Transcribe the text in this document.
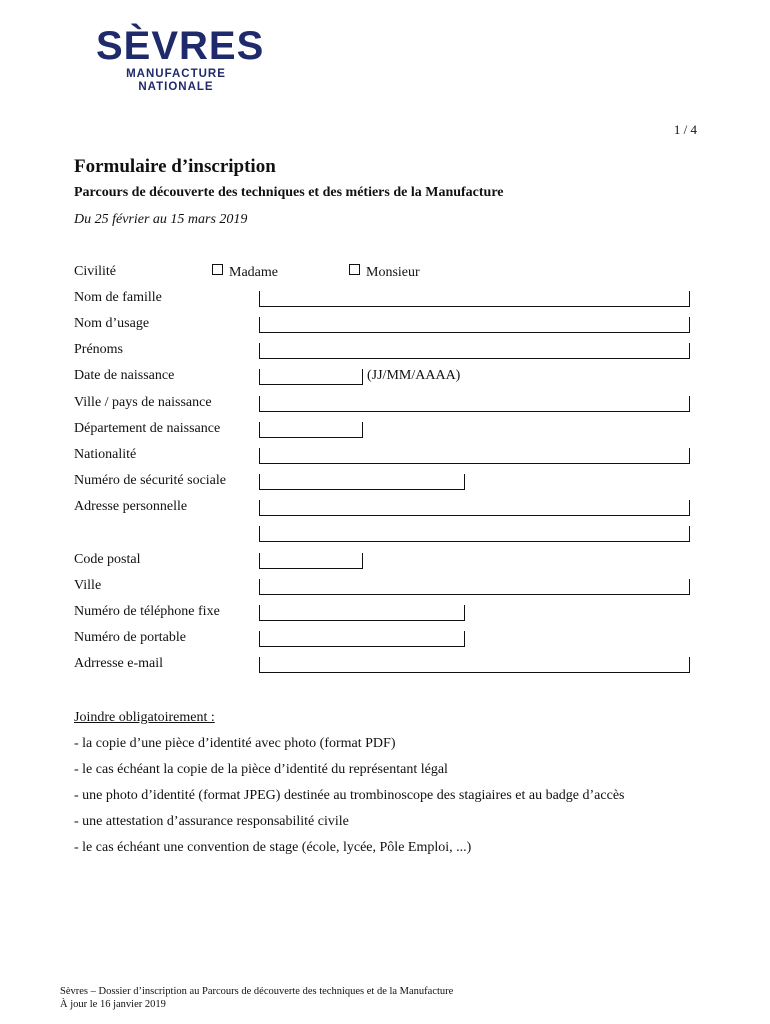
SÈVRES
MANUFACTURE
NATIONALE
1 / 4
Formulaire d’inscription
Parcours de découverte des techniques et des métiers de la Manufacture
Du 25 février au 15 mars 2019
Civilité	Madame	Monsieur
Nom de famille
Nom d’usage
Prénoms
Date de naissance	(JJ/MM/AAAA)
Ville / pays de naissance
Département de naissance
Nationalité
Numéro de sécurité sociale
Adresse personnelle
Code postal
Ville
Numéro de téléphone fixe
Numéro de portable
Adrresse e-mail
Joindre obligatoirement :
- la copie d’une pièce d’identité avec photo (format PDF)
- le cas échéant la copie de la pièce d’identité du représentant légal
- une photo d’identité (format JPEG) destinée au trombinoscope des stagiaires et au badge d’accès
- une attestation d’assurance responsabilité civile
- le cas échéant une convention de stage (école, lycée, Pôle Emploi, ...)
Sèvres – Dossier d’inscription au Parcours de découverte des techniques et de la Manufacture
À jour le 16 janvier 2019
